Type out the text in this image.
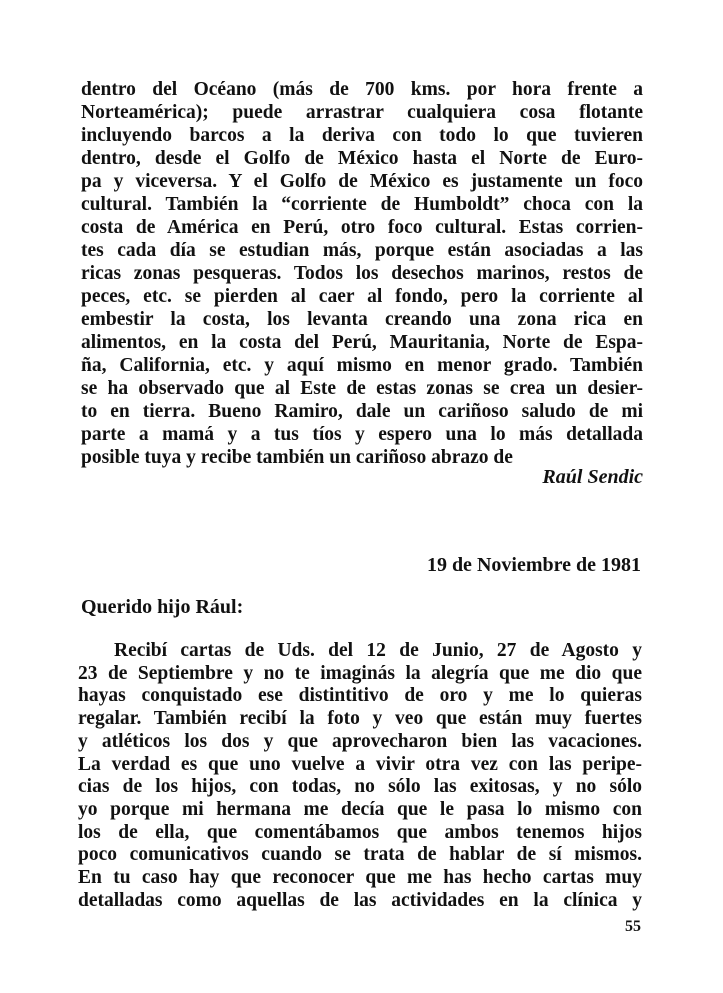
dentro del Océano (más de 700 kms. por hora frente a
Norteamérica); puede arrastrar cualquiera cosa flotante
incluyendo barcos a la deriva con todo lo que tuvieren
dentro, desde el Golfo de México hasta el Norte de Euro-
pa y viceversa. Y el Golfo de México es justamente un foco
cultural. También la “corriente de Humboldt” choca con la
costa de América en Perú, otro foco cultural. Estas corrien-
tes cada día se estudian más, porque están asociadas a las
ricas zonas pesqueras. Todos los desechos marinos, restos de
peces, etc. se pierden al caer al fondo, pero la corriente al
embestir la costa, los levanta creando una zona rica en
alimentos, en la costa del Perú, Mauritania, Norte de Espa-
ña, California, etc. y aquí mismo en menor grado. También
se ha observado que al Este de estas zonas se crea un desier-
to en tierra. Bueno Ramiro, dale un cariñoso saludo de mi
parte a mamá y a tus tíos y espero una lo más detallada
posible tuya y recibe también un cariñoso abrazo de

Raúl Sendic

19 de Noviembre de 1981

Querido hijo Rául:

Recibí cartas de Uds. del 12 de Junio, 27 de Agosto y
23 de Septiembre y no te imaginás la alegría que me dio que
hayas conquistado ese distintitivo de oro y me lo quieras
regalar. También recibí la foto y veo que están muy fuertes
y atléticos los dos y que aprovecharon bien las vacaciones.
La verdad es que uno vuelve a vivir otra vez con las peripe-
cias de los hijos, con todas, no sólo las exitosas, y no sólo
yo porque mi hermana me decía que le pasa lo mismo con
los de ella, que comentábamos que ambos tenemos hijos
poco comunicativos cuando se trata de hablar de sí mismos.
En tu caso hay que reconocer que me has hecho cartas muy
detalladas como aquellas de las actividades en la clínica y

55
